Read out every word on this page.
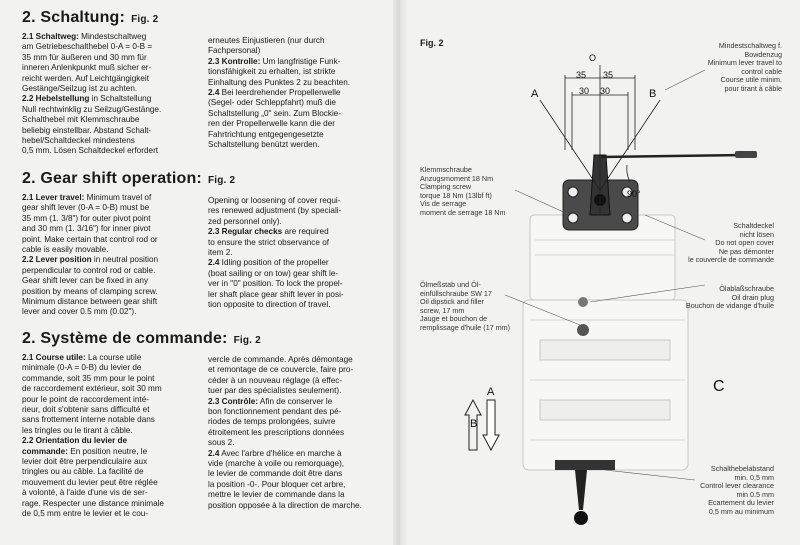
2. Schaltung: Fig. 2

2.1 Schaltweg: Mindestschaltweg
am Getriebeschalthebel 0-A = 0-B =
35 mm für äußeren und 30 mm für
inneren Anlenkpunkt muß sicher er-
reicht werden. Auf Leichtgängigkeit
Gestänge/Seilzug ist zu achten.

2.2 Hebelstellung in Schaltstellung
Null rechtwinklig zu Seilzug/Gestänge.
Schalthebel mit Klemmschraube
beliebig einstellbar. Abstand Schalt-
hebel/Schaltdeckel mindestens
0,5 mm. Lösen Schaltdeckel erfordert

erneutes Einjustieren (nur durch
Fachpersonal)

2.3 Kontrolle: Um langfristige Funk-
tionsfähigkeit zu erhalten, ist strikte
Einhaltung des Punktes 2 zu beachten.

2.4 Bei leerdrehender Propellerwelle
(Segel- oder Schleppfahrt) muß die
Schaltstellung „0" sein. Zum Blockie-
ren der Propellerwelle kann die der
Fahrtrichtung entgegengesetzte
Schaltstellung benützt werden.

2. Gear shift operation: Fig. 2

2.1 Lever travel: Minimum travel of
gear shift lever (0-A = 0-B) must be
35 mm (1. 3/8") for outer pivot point
and 30 mm (1. 3/16") for inner pivot
point. Make certain that control rod or
cable is easily movable.

2.2 Lever position in neutral position
perpendicular to control rod or cable.
Gear shift lever can be fixed in any
position by means of clamping screw.
Minimum distance between gear shift
lever and cover 0.5 mm (0.02").

Opening or loosening of cover requi-
res renewed adjustment (by speciali-
zed personnel only).

2.3 Regular checks are required
to ensure the strict observance of
item 2.

2.4 Idling position of the propeller
(boat sailing or on tow) gear shift le-
ver in "0" position. To lock the propel-
ler shaft place gear shift lever in posi-
tion opposite to direction of travel.

2. Système de commande: Fig. 2

2.1 Course utile: La course utile
minimale (0-A = 0-B) du levier de
commande, soit 35 mm pour le point
de raccordement extérieur, soit 30 mm
pour le point de raccordement inté-
rieur, doit s'obtenir sans difficulté et
sans frottement interne notable dans
les tringles ou le tirant à câble.

2.2 Orientation du levier de
commande: En position neutre, le
levier doit être perpendiculaire aux
tringles ou au câble. La facilité de
mouvement du levier peut être réglée
à volonté, à l'aide d'une vis de ser-
rage. Respecter une distance minimale
de 0,5 mm entre le levier et le cou-

vercle de commande. Après démontage
et remontage de ce couvercle, faire pro-
céder à un nouveau réglage (à effec-
tuer par des spécialistes seulement).

2.3 Contrôle: Afin de conserver le
bon fonctionnement pendant des pé-
riodes de temps prolongées, suivre
étroitement les prescriptions données
sous 2.

2.4 Avec l'arbre d'hélice en marche à
vide (marche à voile ou remorquage),
le levier de commande doit être dans
la position -0-. Pour bloquer cet arbre,
mettre le levier de commande dans la
position opposée à la direction de marche.

Fig. 2
O
35 35
30 30
A	B
90°
A
B
C
Mindestschaltweg f.
Bowdenzug
Minimum lever travel to
control cable
Course utile minim.
pour tirant à câble
Klemmschraube
Anzugsmoment 18 Nm
Clamping screw
torque 18 Nm (13lbf ft)
Vis de serrage
moment de serrage 18 Nm
Schaltdeckel
nicht lösen
Do not open cover
Ne pas démonter
le couvercle de commande
Ölablaßschraube
Oil drain plug
Bouchon de vidange d'huile
Ölmeßstab und Öl-
einfüllschraube SW 17
Oil dipstick and filler
screw, 17 mm
Jauge et bouchon de
remplissage d'huile (17 mm)
Schalthebelabstand
min. 0,5 mm
Control lever clearance
min 0.5 mm
Ecartement du levier
0,5 mm au minimum
